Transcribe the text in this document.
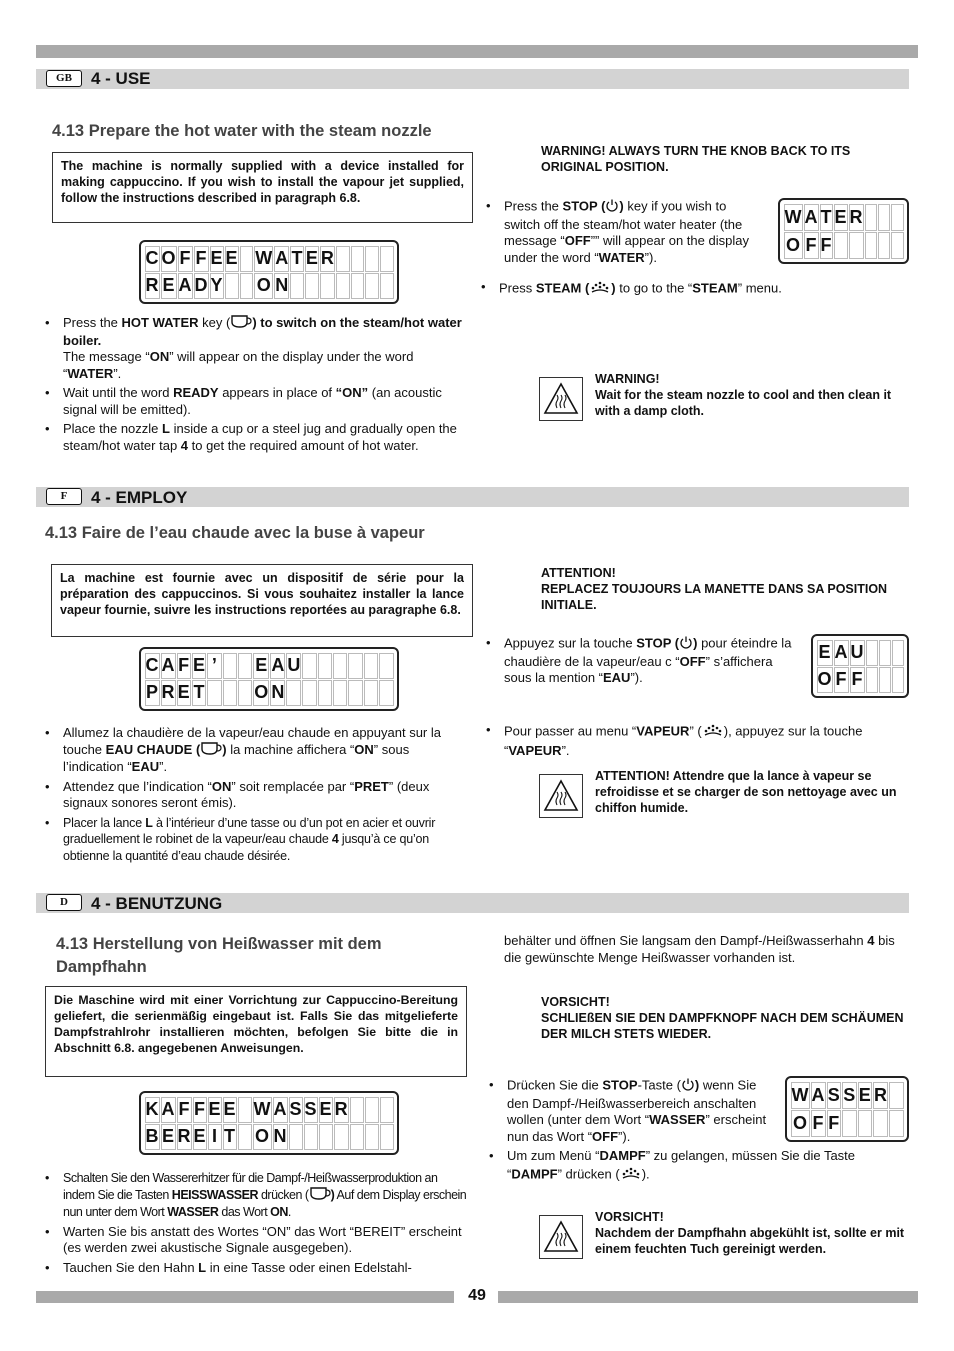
GB	4 - USE
4.13 Prepare the hot water with the steam nozzle
The machine is normally supplied with a device installed for making cappuccino. If you wish to install the vapour jet supplied, follow the instructions described in paragraph 6.8.
C O F F E E W A T E R
R E A D Y O N
• Press the HOT WATER key ( ) to switch on the steam/hot water boiler.
The message “ON” will appear on the display under the word “WATER”.
• Wait until the word READY appears in place of “ON” (an acoustic signal will be emitted).
• Place the nozzle L inside a cup or a steel jug and gradually open the steam/hot water tap 4 to get the required amount of hot water.
WARNING! ALWAYS TURN THE KNOB BACK TO ITS ORIGINAL POSITION.
• Press the STOP ( ) key if you wish to switch off the steam/hot water heater (the message “OFF”” will appear on the display under the word “WATER”).
W A T E R
O F F
• Press STEAM ( ) to go to the “STEAM” menu.
WARNING!
Wait for the steam nozzle to cool and then clean it with a damp cloth.
F	4 - EMPLOY
4.13 Faire de l’eau chaude avec la buse à vapeur
La machine est fournie avec un dispositif de série pour la préparation des cappuccinos. Si vous souhaitez installer la lance vapeur fournie, suivre les instructions reportées au paragraphe 6.8.
C A F E ’ E A U
P R E T	O N
• Allumez la chaudière de la vapeur/eau chaude en appuyant sur la touche EAU CHAUDE ( ) la machine affichera “ON” sous l’indication “EAU”.
• Attendez que l’indication “ON” soit remplacée par “PRET” (deux signaux sonores seront émis).
• Placer la lance L à l’intérieur d’une tasse ou d’un pot en acier et ouvrir graduellement le robinet de la vapeur/eau chaude 4 jusqu’à ce qu’on obtienne la quantité d’eau chaude désirée.
ATTENTION!
REPLACEZ TOUJOURS LA MANETTE DANS SA POSITION INITIALE.
• Appuyez sur la touche STOP ( ) pour éteindre la chaudière de la vapeur/eau c “OFF” s’affichera sous la mention “EAU”).
E A U
O F F
• Pour passer au menu “VAPEUR” ( ), appuyez sur la touche “VAPEUR”.
ATTENTION! Attendre que la lance à vapeur se refroidisse et se charger de son nettoyage avec un chiffon humide.
D	4 - BENUTZUNG
4.13 Herstellung von Heißwasser mit dem Dampfhahn
Die Maschine wird mit einer Vorrichtung zur Cappuccino-Bereitung geliefert, die serienmäßig eingebaut ist. Falls Sie das mitgelieferte Dampfstrahlrohr installieren möchten, befolgen Sie bitte die in Abschnitt 6.8. angegebenen Anweisungen.
K A F F E E W A S S E R
B E R E I T O N
• Schalten Sie den Wassererhitzer für die Dampf-/Heißwasserproduktion an indem Sie die Tasten HEISSWASSER drücken ( ) Auf dem Display erschein nun unter dem Wort WASSER das Wort ON.
• Warten Sie bis anstatt des Wortes “ON” das Wort “BEREIT” erscheint (es werden zwei akustische Signale ausgegeben).
• Tauchen Sie den Hahn L in eine Tasse oder einen Edelstahl-
behälter und öffnen Sie langsam den Dampf-/Heißwasserhahn 4 bis die gewünschte Menge Heißwasser vorhanden ist.
VORSICHT!
SCHLIEßEN SIE DEN DAMPFKNOPF NACH DEM SCHÄUMEN DER MILCH STETS WIEDER.
• Drücken Sie die STOP-Taste ( ) wenn Sie den Dampf-/Heißwasserbereich anschalten wollen (unter dem Wort “WASSER” erscheint nun das Wort “OFF”).
W A S S E R
O F F
• Um zum Menü “DAMPF” zu gelangen, müssen Sie die Taste “DAMPF” drücken ( ).
VORSICHT!
Nachdem der Dampfhahn abgekühlt ist, sollte er mit einem feuchten Tuch gereinigt werden.
49
